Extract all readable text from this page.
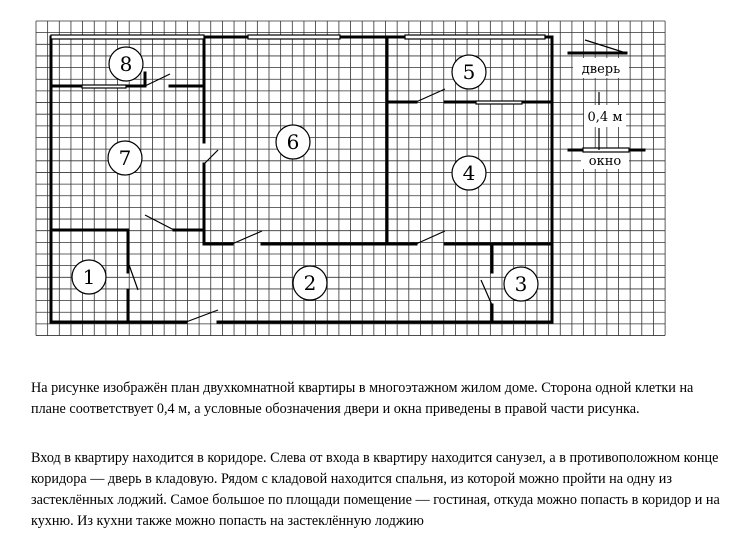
1	2	3
4
5
6
7
8	дверь
0,4 м
окно

На рисунке изображён план двухкомнатной квартиры в многоэтажном жилом доме. Сторона одной клетки на плане соответствует 0,4 м, а условные обозначения двери и окна приведены в правой части рисунка.

Вход в квартиру находится в коридоре. Слева от входа в квартиру находится санузел, а в противоположном конце коридора — дверь в кладовую. Рядом с кладовой находится спальня, из которой можно пройти на одну из застеклённых лоджий. Самое большое по площади помещение — гостиная, откуда можно попасть в коридор и на кухню. Из кухни также можно попасть на застеклённую лоджию
